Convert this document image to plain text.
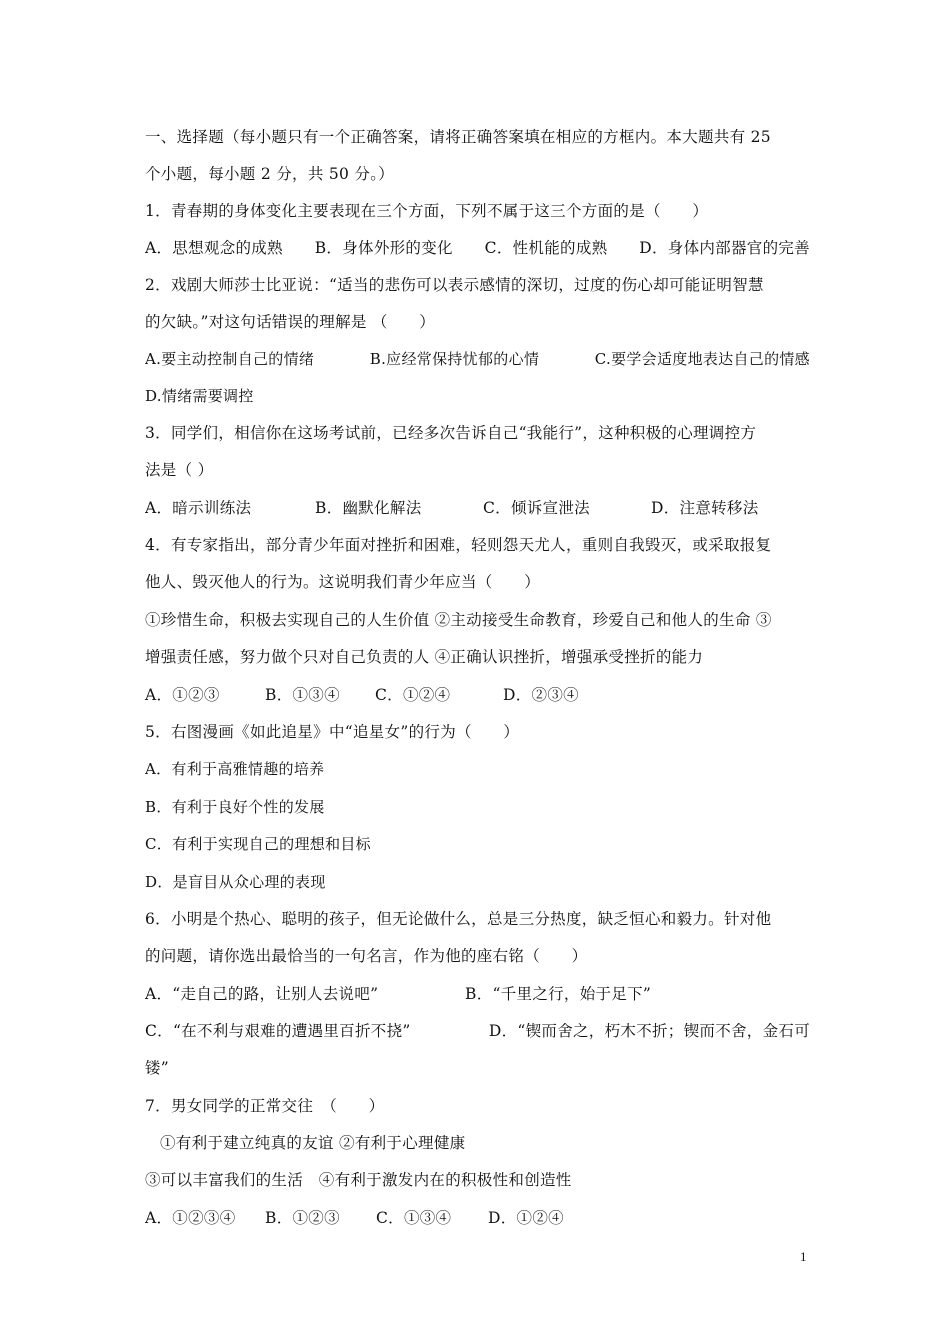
一、选择题（每小题只有一个正确答案，请将正确答案填在相应的方框内。本大题共有 25
个小题，每小题 2 分，共 50 分。）
1．青春期的身体变化主要表现在三个方面，下列不属于这三个方面的是（　　）
A．思想观念的成熟 B．身体外形的变化 C．性机能的成熟 D．身体内部器官的完善
2．戏剧大师莎士比亚说：“适当的悲伤可以表示感情的深切，过度的伤心却可能证明智慧
的欠缺。”对这句话错误的理解是 （　　）
A.要主动控制自己的情绪	B.应经常保持忧郁的心情	C.要学会适度地表达自己的情感
D.情绪需要调控
3．同学们，相信你在这场考试前，已经多次告诉自己“我能行”，这种积极的心理调控方
法是（ ）
A．暗示训练法	B．幽默化解法	C．倾诉宣泄法	D．注意转移法
4．有专家指出，部分青少年面对挫折和困难，轻则怨天尤人，重则自我毁灭，或采取报复
他人、毁灭他人的行为。这说明我们青少年应当（　　）
①珍惜生命，积极去实现自己的人生价值 ②主动接受生命教育，珍爱自己和他人的生命 ③
增强责任感，努力做个只对自己负责的人 ④正确认识挫折，增强承受挫折的能力
A．①②③	B．①③④	C．①②④	D．②③④
5．右图漫画《如此追星》中“追星女”的行为（　　）
A．有利于高雅情趣的培养
B．有利于良好个性的发展
C．有利于实现自己的理想和目标
D．是盲目从众心理的表现
6．小明是个热心、聪明的孩子，但无论做什么，总是三分热度，缺乏恒心和毅力。针对他
的问题，请你选出最恰当的一句名言，作为他的座右铭（　　）
A．“走自己的路，让别人去说吧”	B．“千里之行，始于足下”
C．“在不利与艰难的遭遇里百折不挠”	D．“锲而舍之，朽木不折；锲而不舍，金石可
镂”
7．男女同学的正常交往　（　　）
①有利于建立纯真的友谊 ②有利于心理健康
③可以丰富我们的生活　④有利于激发内在的积极性和创造性
A．①②③④	B．①②③	C．①③④	D．①②④
1
